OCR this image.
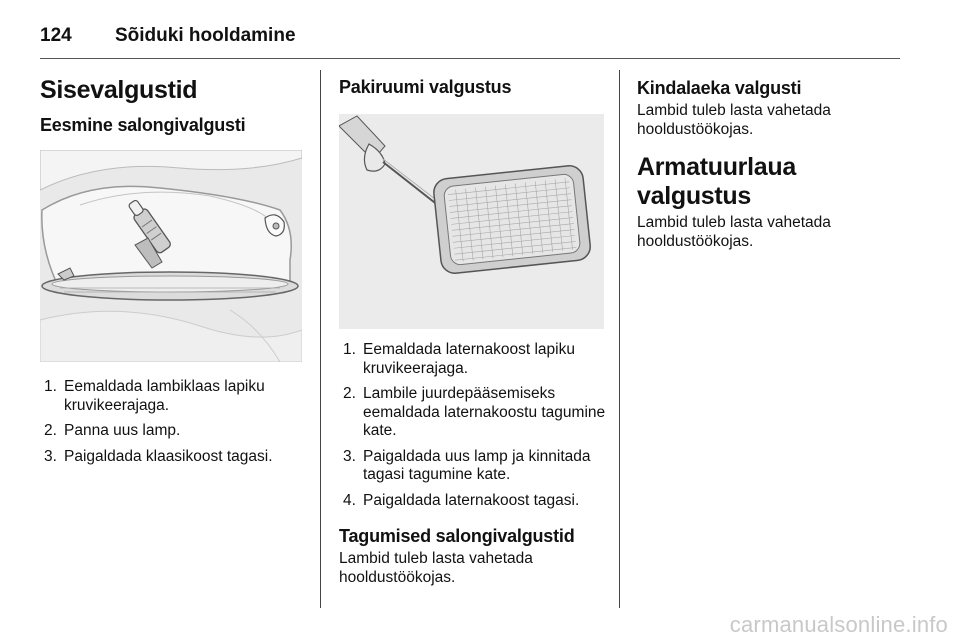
124	Sõiduki hooldamine
Sisevalgustid
Eesmine salongivalgusti
1. Eemaldada lambiklaas lapiku kruvikeerajaga.
2. Panna uus lamp.
3. Paigaldada klaasikoost tagasi.
Pakiruumi valgustus
1. Eemaldada laternakoost lapiku kruvikeerajaga.
2. Lambile juurdepääsemiseks eemaldada laternakoostu tagumine kate.
3. Paigaldada uus lamp ja kinnitada tagasi tagumine kate.
4. Paigaldada laternakoost tagasi.
Tagumised salongivalgustid

Lambid tuleb lasta vahetada hooldustöökojas.

Kindalaeka valgusti

Lambid tuleb lasta vahetada hooldustöökojas.

Armatuurlaua valgustus

Lambid tuleb lasta vahetada hooldustöökojas.

carmanualsonline.info
